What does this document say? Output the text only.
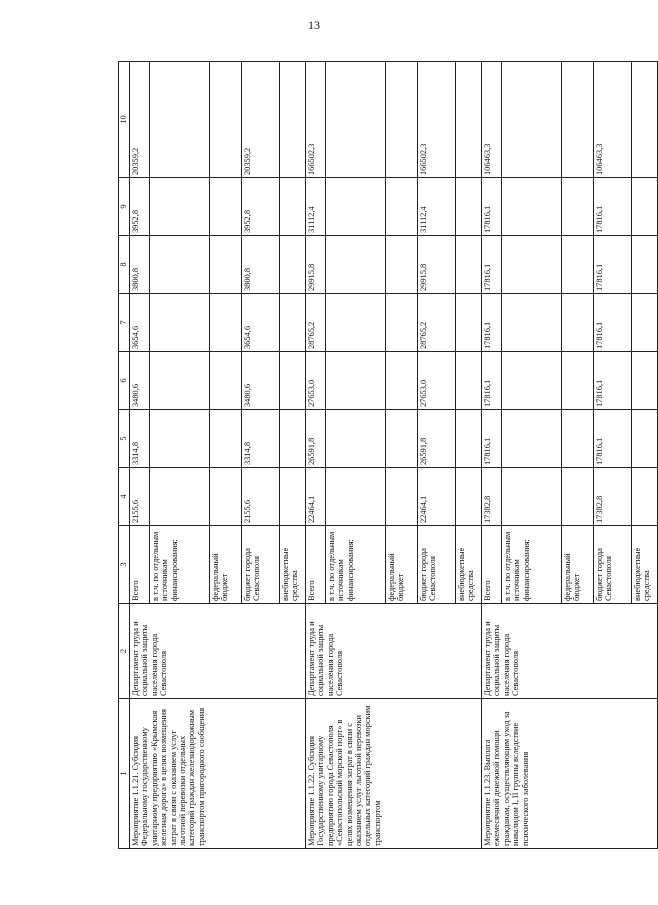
13
1	2	3	4	5	6	7	8	9	10
Мероприятие 1.1.21. Субсидия Федеральному государственному унитарному предприятию «Крымская железная дорога» в целях возмещения затрат в связи с оказанием услуг льготной перевозки отдельных категорий граждан железнодорожным транспортом пригородного сообщения	Департамент труда и социальной защиты населения города Севастополя	Всего	2155,6	3314,8	3480,6	3654,6	3800,8	3952,8	20359,2
		в т.ч. по отдельным источникам финансирования:							
		федеральный бюджет							
		бюджет города Севастополя	2155,6	3314,8	3480,6	3654,6	3800,8	3952,8	20359,2
		внебюджетные средства							
Мероприятие 1.1.22. Субсидия Государственному унитарному предприятию города Севастополя «Севастопольский морской порт» в целях возмещения затрат в связи с оказанием услуг льготной перевозки отдельных категорий граждан морским транспортом	Департамент труда и социальной защиты населения города Севастополя	Всего	22464,1	26591,8	27653,0	28765,2	29915,8	31112,4	166502,3
		в т.ч. по отдельным источникам финансирования:							
		федеральный бюджет							
		бюджет города Севастополя	22464,1	26591,8	27653,0	28765,2	29915,8	31112,4	166502,3
		внебюджетные средства							
Мероприятие 1.1.23. Выплата ежемесячной денежной помощи гражданам, осуществляющим уход за инвалидом I, II группы вследствие психического заболевания	Департамент труда и социальной защиты населения города Севастополя	Всего	17382,8	17816,1	17816,1	17816,1	17816,1	17816,1	106463,3
		в т.ч. по отдельным источникам финансирования:							
		федеральный бюджет							
		бюджет города Севастополя	17382,8	17816,1	17816,1	17816,1	17816,1	17816,1	106463,3
		внебюджетные средства							
